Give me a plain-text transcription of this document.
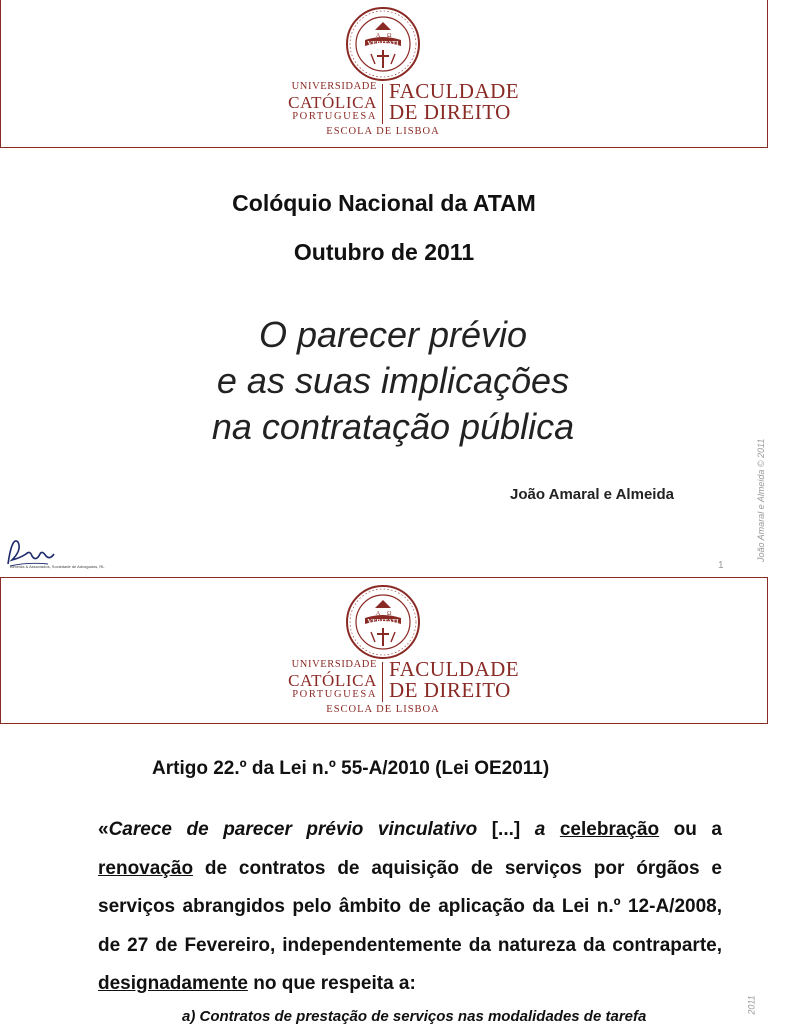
VERITATI
A Ω
UNIVERSIDADE
CATÓLICA
PORTUGUESA
FACULDADE
DE DIREITO
ESCOLA DE LISBOA
Colóquio Nacional da ATAM
Outubro de 2011
O parecer prévio
e as suas implicações
na contratação pública
João Amaral e Almeida
Almeida & Associados, Sociedade de Advogados, RL	1
João Amaral e Almeida © 2011
VERITATI
A Ω
UNIVERSIDADE
CATÓLICA
PORTUGUESA
FACULDADE
DE DIREITO
ESCOLA DE LISBOA
Artigo 22.º da Lei n.º 55-A/2010 (Lei OE2011)
«Carece de parecer prévio vinculativo [...] a celebração ou a renovação de contratos de aquisição de serviços por órgãos e serviços abrangidos pelo âmbito de aplicação da Lei n.º 12-A/2008, de 27 de Fevereiro, independentemente da natureza da contraparte, designadamente no que respeita a:
a) Contratos de prestação de serviços nas modalidades de tarefa
2011
